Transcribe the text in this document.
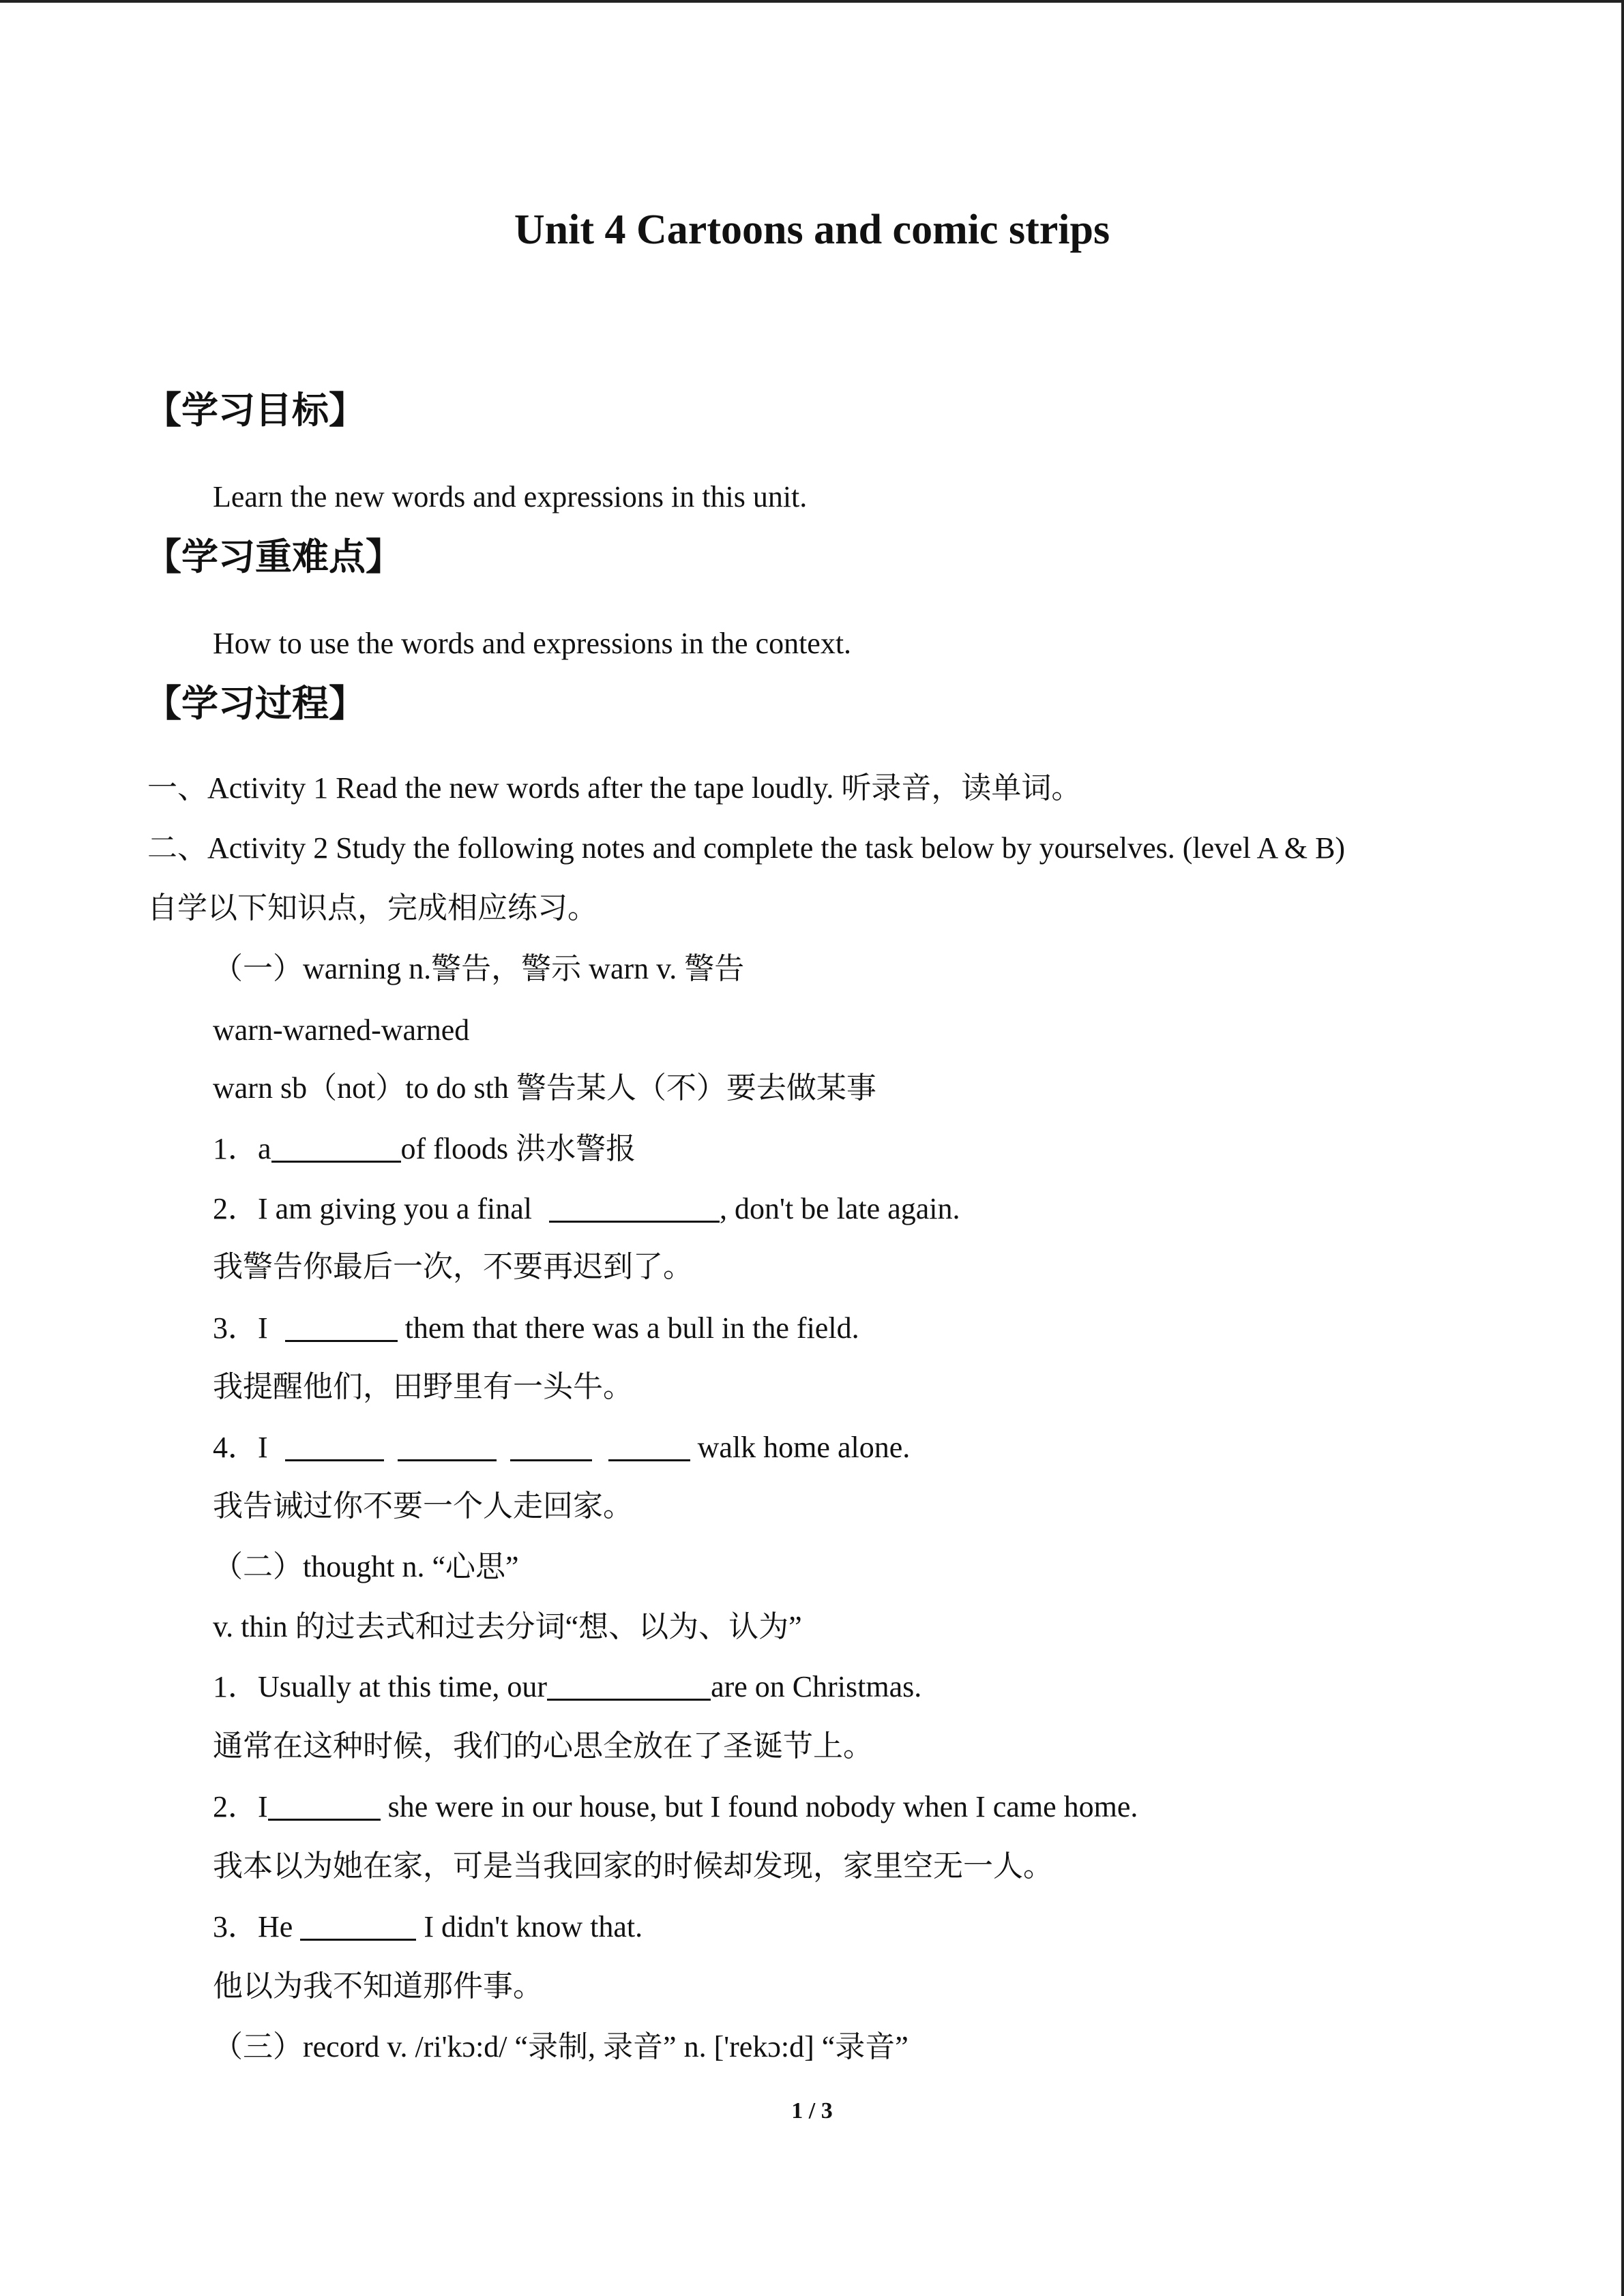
Unit 4 Cartoons and comic strips
【学习目标】
Learn the new words and expressions in this unit.
【学习重难点】
How to use the words and expressions in the context.
【学习过程】
一、Activity 1 Read the new words after the tape loudly. 听录音，读单词。
二、Activity 2 Study the following notes and complete the task below by yourselves. (level A & B)
自学以下知识点，完成相应练习。
（一）warning n.警告，警示 warn v. 警告
warn-warned-warned
warn sb（not）to do sth 警告某人（不）要去做某事
1．a	of floods 洪水警报
2．I am giving you a final	, don't be late again.
我警告你最后一次，不要再迟到了。
3．I	them that there was a bull in the field.
我提醒他们，田野里有一头牛。
4．I	walk home alone.
我告诫过你不要一个人走回家。
（二）thought n. “心思”
v. thin 的过去式和过去分词“想、以为、认为”
1．Usually at this time, our	are on Christmas.
通常在这种时候，我们的心思全放在了圣诞节上。
2．I	she were in our house, but I found nobody when I came home.
我本以为她在家，可是当我回家的时候却发现，家里空无一人。
3．He	I didn't know that.
他以为我不知道那件事。
（三）record v. /ri'kɔ:d/ “录制, 录音” n. ['rekɔ:d] “录音”
1 / 3
